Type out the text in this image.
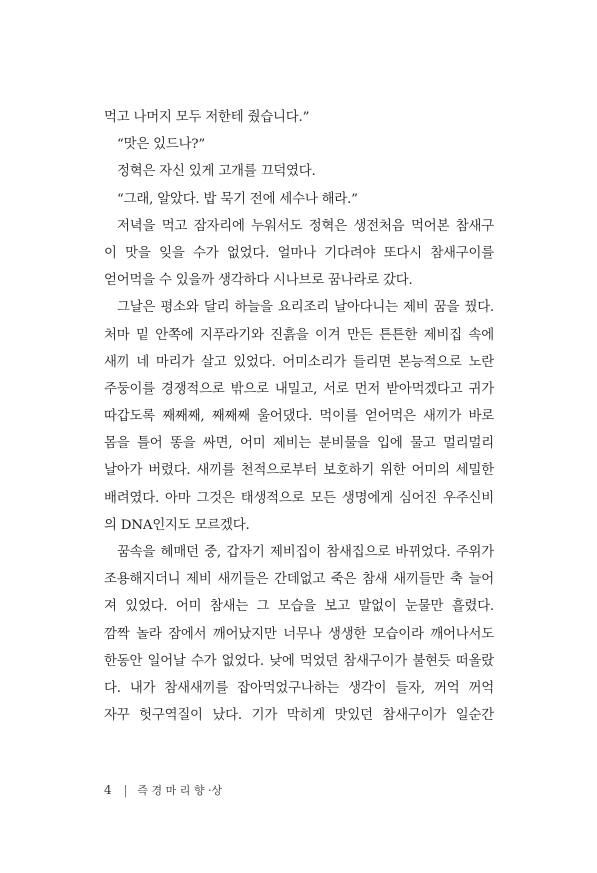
먹고 나머지 모두 저한테 줬습니다.”
“맛은 있드나?”
정혁은 자신 있게 고개를 끄덕였다.
“그래, 알았다. 밥 묵기 전에 세수나 해라.”
저녁을 먹고 잠자리에 누워서도 정혁은 생전처음 먹어본 참새구
이 맛을 잊을 수가 없었다. 얼마나 기다려야 또다시 참새구이를
얻어먹을 수 있을까 생각하다 시나브로 꿈나라로 갔다.
그날은 평소와 달리 하늘을 요리조리 날아다니는 제비 꿈을 꿨다.
처마 밑 안쪽에 지푸라기와 진흙을 이겨 만든 튼튼한 제비집 속에
새끼 네 마리가 살고 있었다. 어미소리가 들리면 본능적으로 노란
주둥이를 경쟁적으로 밖으로 내밀고, 서로 먼저 받아먹겠다고 귀가
따갑도록 째째째, 째째째 울어댔다. 먹이를 얻어먹은 새끼가 바로
몸을 틀어 똥을 싸면, 어미 제비는 분비물을 입에 물고 멀리멀리
날아가 버렸다. 새끼를 천적으로부터 보호하기 위한 어미의 세밀한
배려였다. 아마 그것은 태생적으로 모든 생명에게 심어진 우주신비
의 DNA인지도 모르겠다.
꿈속을 헤매던 중, 갑자기 제비집이 참새집으로 바뀌었다. 주위가
조용해지더니 제비 새끼들은 간데없고 죽은 참새 새끼들만 축 늘어
져 있었다. 어미 참새는 그 모습을 보고 말없이 눈물만 흘렸다.
깜짝 놀라 잠에서 깨어났지만 너무나 생생한 모습이라 깨어나서도
한동안 일어날 수가 없었다. 낮에 먹었던 참새구이가 불현듯 떠올랐
다. 내가 참새새끼를 잡아먹었구나하는 생각이 들자, 꺼억 꺼억
자꾸 헛구역질이 났다. 기가 막히게 맛있던 참새구이가 일순간
4 | 즉 경 마 리 향 ·상
